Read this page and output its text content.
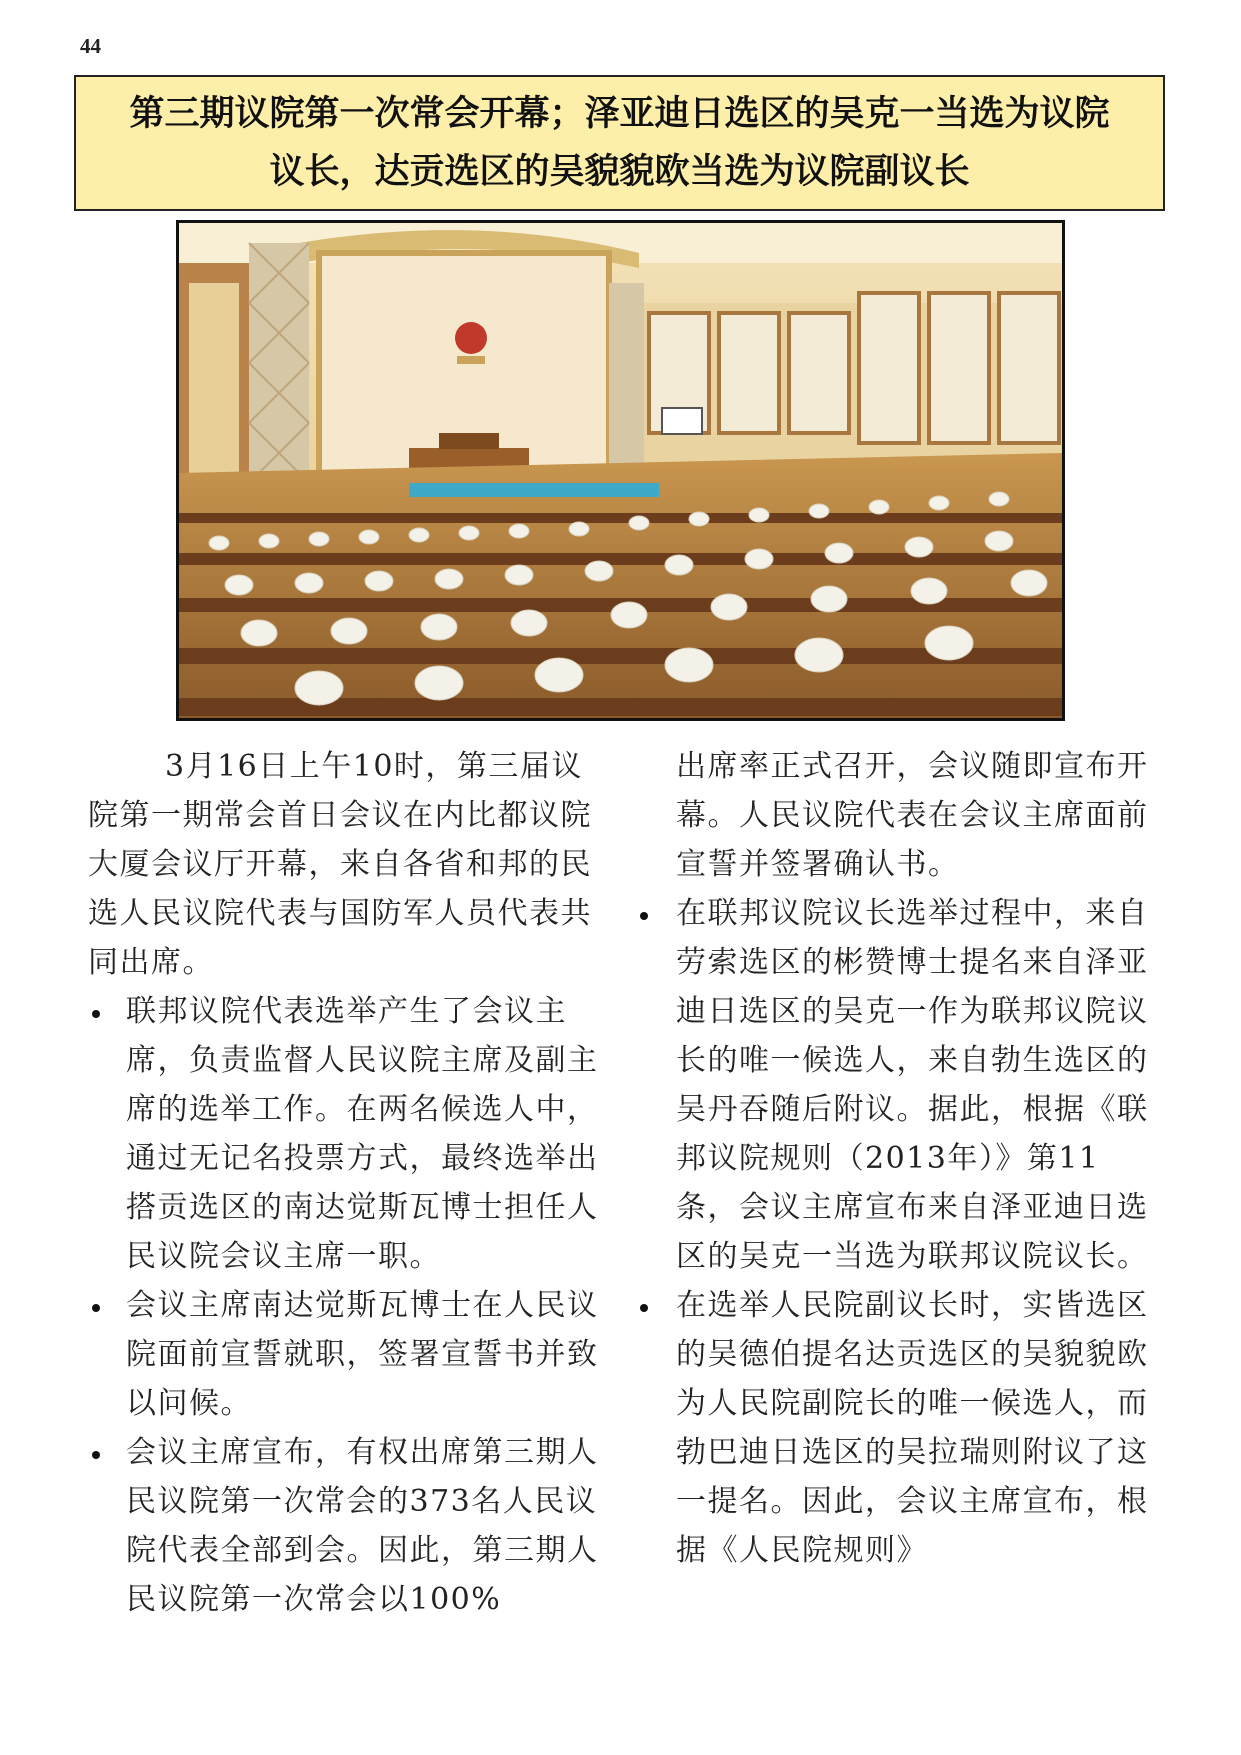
44
第三期议院第一次常会开幕；泽亚迪日选区的吴克一当选为议院
议长，达贡选区的吴貌貌欧当选为议院副议长

3月16日上午10时，第三届议院第一期常会首日会议在内比都议院大厦会议厅开幕，来自各省和邦的民选人民议院代表与国防军人员代表共同出席。

联邦议院代表选举产生了会议主席，负责监督人民议院主席及副主席的选举工作。在两名候选人中，通过无记名投票方式，最终选举出搭贡选区的南达觉斯瓦博士担任人民议院会议主席一职。

会议主席南达觉斯瓦博士在人民议院面前宣誓就职，签署宣誓书并致以问候。

会议主席宣布，有权出席第三期人民议院第一次常会的373名人民议院代表全部到会。因此，第三期人民议院第一次常会以100%

出席率正式召开，会议随即宣布开幕。人民议院代表在会议主席面前宣誓并签署确认书。

在联邦议院议长选举过程中，来自劳索选区的彬赞博士提名来自泽亚迪日选区的吴克一作为联邦议院议长的唯一候选人，来自勃生选区的吴丹吞随后附议。据此，根据《联邦议院规则（2013年）》第11条，会议主席宣布来自泽亚迪日选区的吴克一当选为联邦议院议长。

在选举人民院副议长时，实皆选区的吴德伯提名达贡选区的吴貌貌欧为人民院副院长的唯一候选人，而勃巴迪日选区的吴拉瑞则附议了这一提名。因此，会议主席宣布，根据《人民院规则》
